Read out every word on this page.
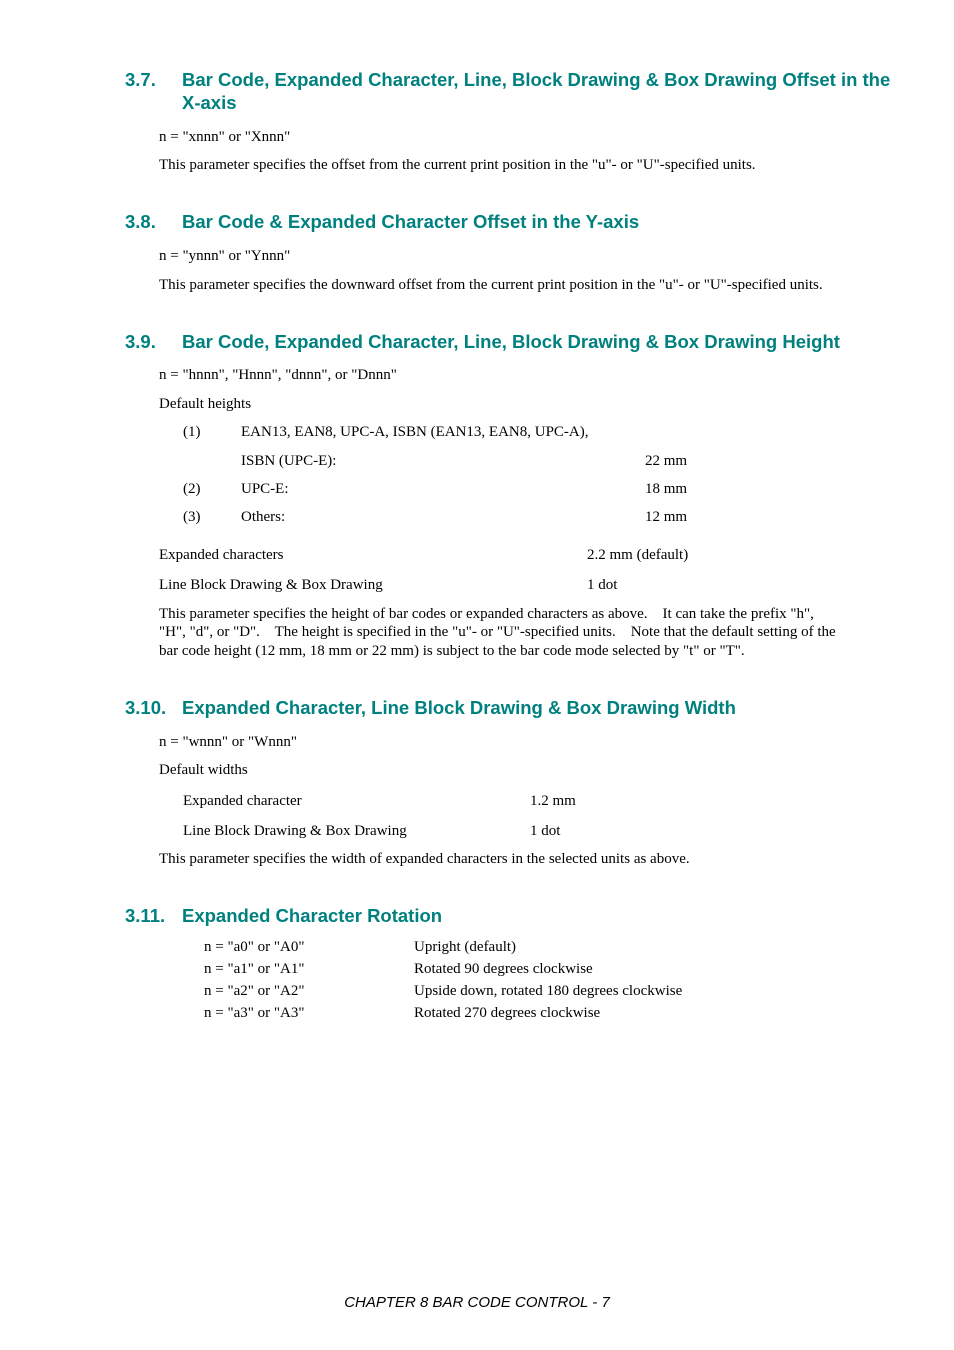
3.7. Bar Code, Expanded Character, Line, Block Drawing & Box Drawing Offset in the X-axis
n = "xnnn" or "Xnnn"
This parameter specifies the offset from the current print position in the "u"- or "U"-specified units.
3.8. Bar Code & Expanded Character Offset in the Y-axis
n = "ynnn" or "Ynnn"
This parameter specifies the downward offset from the current print position in the "u"- or "U"-specified units.
3.9. Bar Code, Expanded Character, Line, Block Drawing & Box Drawing Height
n = "hnnn", "Hnnn", "dnnn", or "Dnnn"
Default heights
(1)	EAN13, EAN8, UPC-A, ISBN (EAN13, EAN8, UPC-A),
ISBN (UPC-E):	22 mm
(2)	UPC-E:	18 mm
(3)	Others:	12 mm
Expanded characters	2.2 mm (default)
Line Block Drawing & Box Drawing	1 dot
This parameter specifies the height of bar codes or expanded characters as above.    It can take the prefix "h",
"H", "d", or "D".    The height is specified in the "u"- or "U"-specified units.    Note that the default setting of the
bar code height (12 mm, 18 mm or 22 mm) is subject to the bar code mode selected by "t" or "T".
3.10. Expanded Character, Line Block Drawing & Box Drawing Width
n = "wnnn" or "Wnnn"
Default widths
Expanded character	1.2 mm
Line Block Drawing & Box Drawing	1 dot
This parameter specifies the width of expanded characters in the selected units as above.
3.11. Expanded Character Rotation
n = "a0" or "A0"	Upright (default)
n = "a1" or "A1"	Rotated 90 degrees clockwise
n = "a2" or "A2"	Upside down, rotated 180 degrees clockwise
n = "a3" or "A3"	Rotated 270 degrees clockwise
CHAPTER 8 BAR CODE CONTROL - 7
